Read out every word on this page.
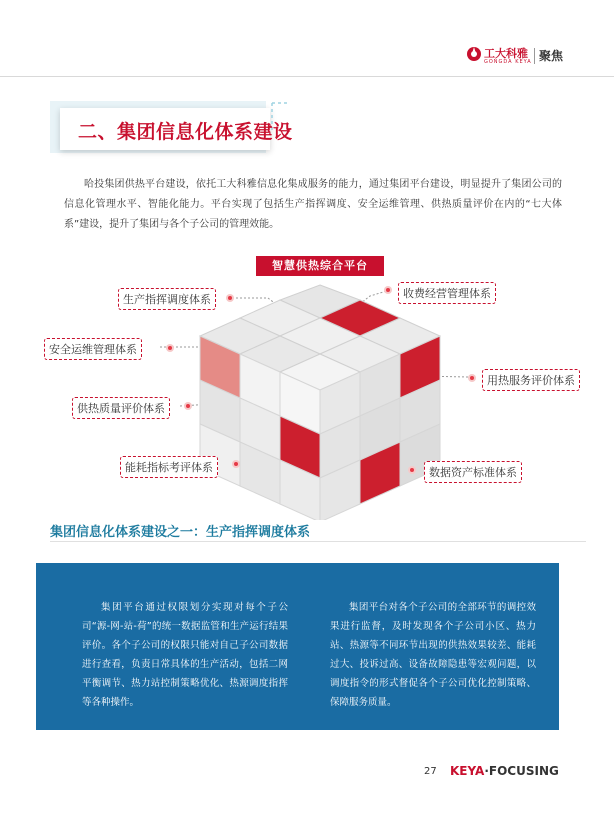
工大科雅
GONGDA KEYA 聚焦
二、集团信息化体系建设
哈投集团供热平台建设，依托工大科雅信息化集成服务的能力，通过集团平台建设，明显提升了集团公司的信息化管理水平、智能化能力。平台实现了包括生产指挥调度、安全运维管理、供热质量评价在内的“七大体系”建设，提升了集团与各个子公司的管理效能。
智慧供热综合平台
生产指挥调度体系
安全运维管理体系
供热质量评价体系
能耗指标考评体系
收费经营管理体系
用热服务评价体系
数据资产标准体系
集团信息化体系建设之一：生产指挥调度体系
集团平台通过权限划分实现对每个子公司“源-网-站-荷”的统一数据监管和生产运行结果评价。各个子公司的权限只能对自己子公司数据进行查看，负责日常具体的生产活动，包括二网平衡调节、热力站控制策略优化、热源调度指挥等各种操作。
集团平台对各个子公司的全部环节的调控效果进行监督，及时发现各个子公司小区、热力站、热源等不同环节出现的供热效果较差、能耗过大、投诉过高、设备故障隐患等宏观问题，以调度指令的形式督促各个子公司优化控制策略、保障服务质量。
27 KEYA·FOCUSING
